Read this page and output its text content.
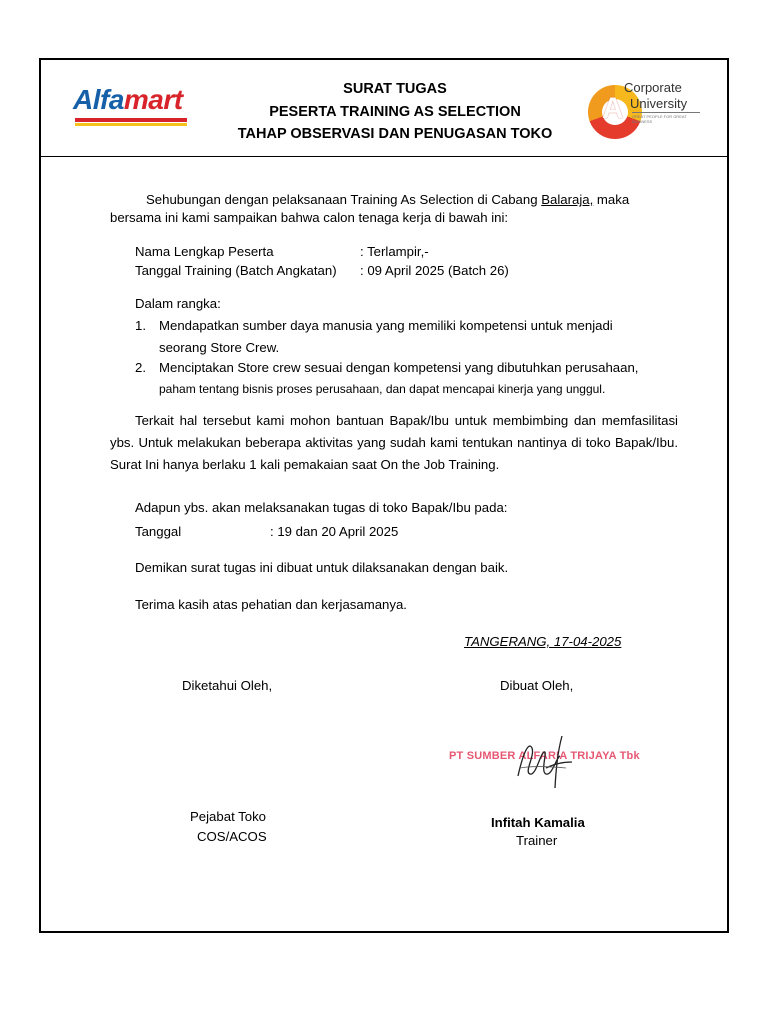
Alfamart	SURAT TUGAS
PESERTA TRAINING AS SELECTION
TAHAP OBSERVASI DAN PENUGASAN TOKO
A
Corporate
University
GREAT PEOPLE FOR GREAT BUSINESS
Sehubungan dengan pelaksanaan Training As Selection di Cabang Balaraja, maka
bersama ini kami sampaikan bahwa calon tenaga kerja di bawah ini:
Nama Lengkap Peserta	: Terlampir,-
Tanggal Training (Batch Angkatan) : 09 April 2025 (Batch 26)
Dalam rangka:
1. Mendapatkan sumber daya manusia yang memiliki kompetensi untuk menjadi
seorang Store Crew.
2. Menciptakan Store crew sesuai dengan kompetensi yang dibutuhkan perusahaan,
paham tentang bisnis proses perusahaan, dan dapat mencapai kinerja yang unggul.
Terkait hal tersebut kami mohon bantuan Bapak/Ibu untuk membimbing dan memfasilitasi ybs. Untuk melakukan beberapa aktivitas yang sudah kami tentukan nantinya di toko Bapak/Ibu. Surat Ini hanya berlaku 1 kali pemakaian saat On the Job Training.
Adapun ybs. akan melaksanakan tugas di toko Bapak/Ibu pada:
Tanggal	: 19 dan 20 April 2025
Demikan surat tugas ini dibuat untuk dilaksanakan dengan baik.
Terima kasih atas pehatian dan kerjasamanya.
TANGERANG, 17-04-2025
Diketahui Oleh,	Dibuat Oleh,
PT SUMBER ALFARIA TRIJAYA Tbk
Pejabat Toko
COS/ACOS
Infitah Kamalia
Trainer
